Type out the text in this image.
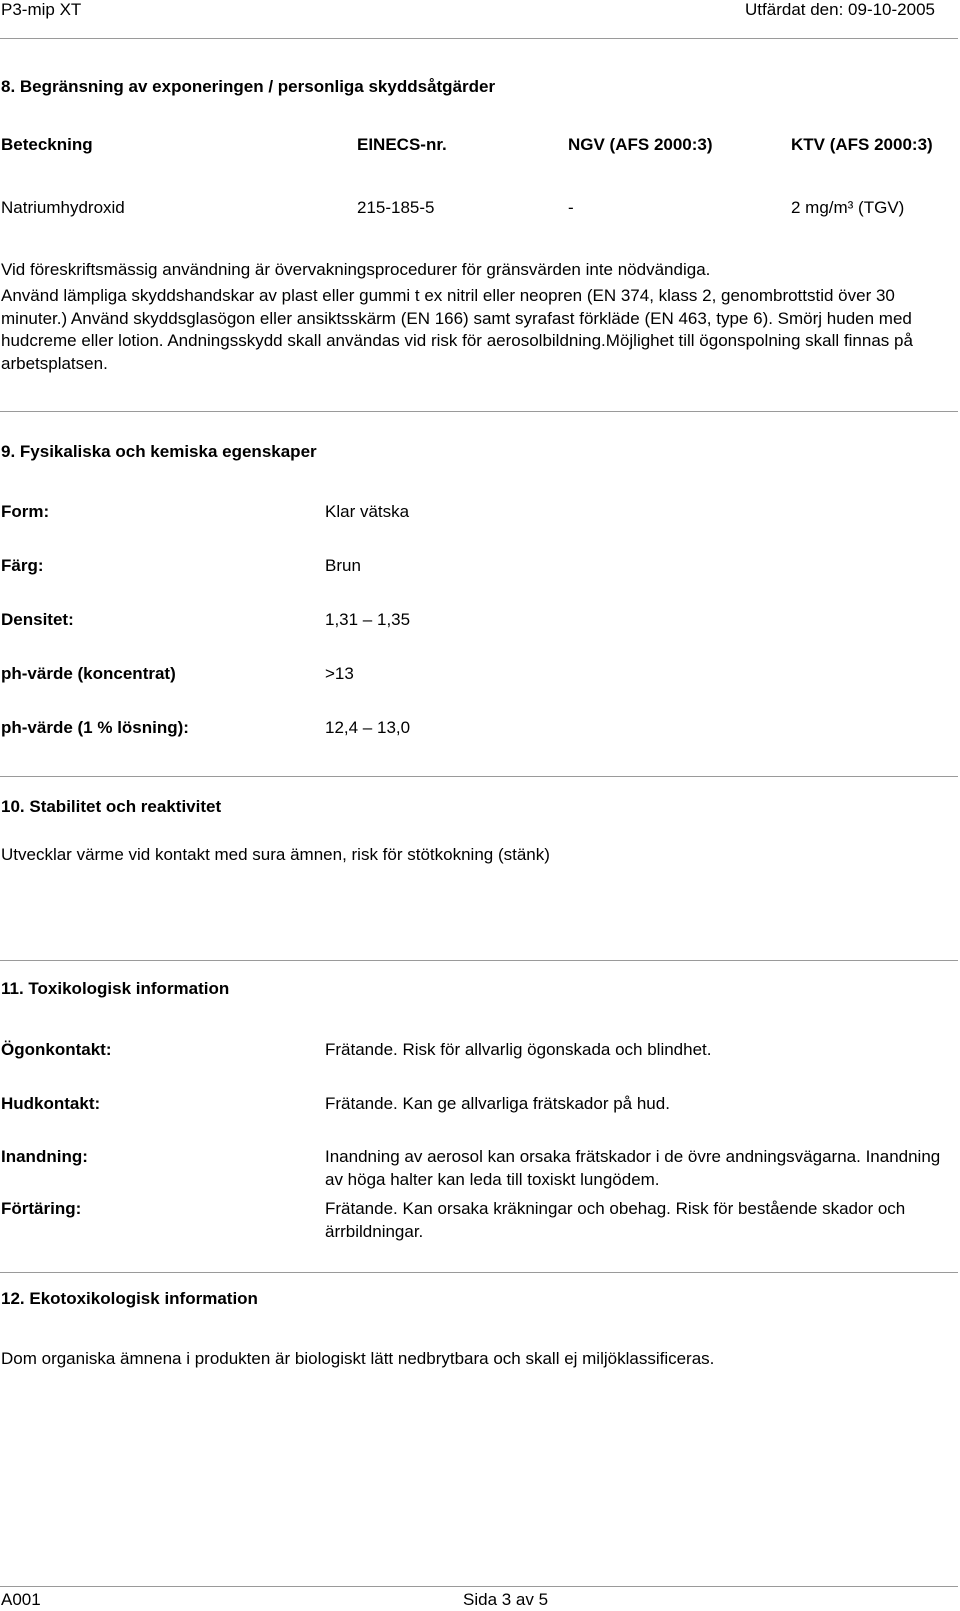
P3-mip XT	Utfärdat den: 09-10-2005
8. Begränsning av exponeringen / personliga skyddsåtgärder
Beteckning	EINECS-nr.	NGV (AFS 2000:3)	KTV (AFS 2000:3)
Natriumhydroxid	215-185-5	-	2 mg/m³ (TGV)
Vid föreskriftsmässig användning är övervakningsprocedurer för gränsvärden inte nödvändiga.
Använd lämpliga skyddshandskar av plast eller gummi t ex nitril eller neopren (EN 374, klass 2, genombrottstid över 30 minuter.) Använd skyddsglasögon eller ansiktsskärm (EN 166) samt syrafast förkläde (EN 463, type 6). Smörj huden med hudcreme eller lotion. Andningsskydd skall användas vid risk för aerosolbildning.Möjlighet till ögonspolning skall finnas på arbetsplatsen.
9. Fysikaliska och kemiska egenskaper
Form:	Klar vätska
Färg:	Brun
Densitet:	1,31 – 1,35
ph-värde (koncentrat)	>13
ph-värde (1 % lösning):	12,4 – 13,0
10. Stabilitet och reaktivitet
Utvecklar värme vid kontakt med sura ämnen, risk för stötkokning (stänk)
11. Toxikologisk information
Ögonkontakt:	Frätande. Risk för allvarlig ögonskada och blindhet.
Hudkontakt:	Frätande. Kan ge allvarliga frätskador på hud.
Inandning:	Inandning av aerosol kan orsaka frätskador i de övre andningsvägarna. Inandning av höga halter kan leda till toxiskt lungödem.
Förtäring:	Frätande. Kan orsaka kräkningar och obehag. Risk för bestående skador och ärrbildningar.
12. Ekotoxikologisk information
Dom organiska ämnena i produkten är biologiskt lätt nedbrytbara och skall ej miljöklassificeras.
A001	Sida 3 av 5
